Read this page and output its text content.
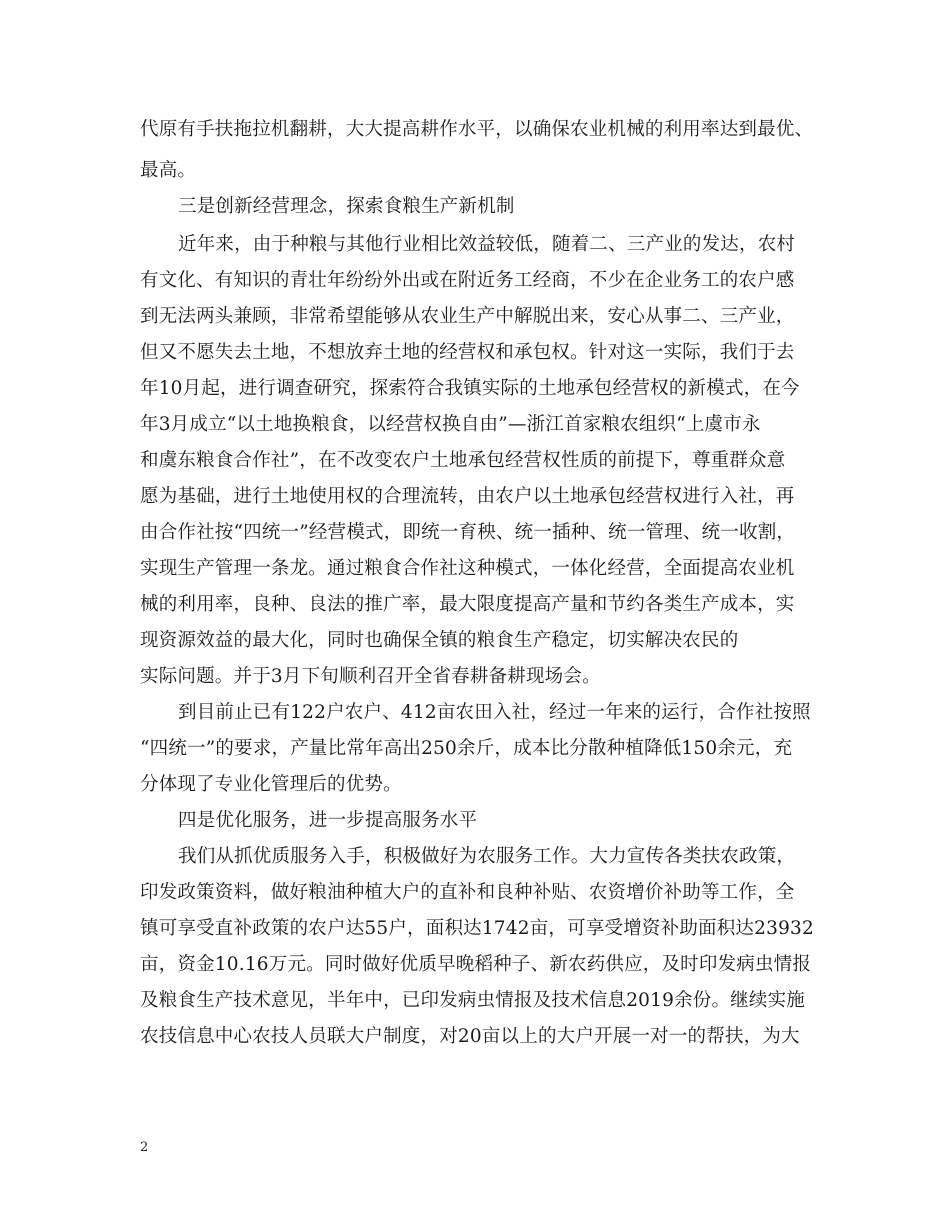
代原有手扶拖拉机翻耕，大大提高耕作水平，以确保农业机械的利用率达到最优、
最高。
三是创新经营理念，探索食粮生产新机制
近年来，由于种粮与其他行业相比效益较低，随着二、三产业的发达，农村
有文化、有知识的青壮年纷纷外出或在附近务工经商，不少在企业务工的农户感
到无法两头兼顾，非常希望能够从农业生产中解脱出来，安心从事二、三产业，
但又不愿失去土地，不想放弃土地的经营权和承包权。针对这一实际，我们于去
年10月起，进行调查研究，探索符合我镇实际的土地承包经营权的新模式，在今
年3月成立“以土地换粮食，以经营权换自由”—浙江首家粮农组织“上虞市永
和虞东粮食合作社”，在不改变农户土地承包经营权性质的前提下，尊重群众意
愿为基础，进行土地使用权的合理流转，由农户以土地承包经营权进行入社，再
由合作社按“四统一”经营模式，即统一育秧、统一插种、统一管理、统一收割，
实现生产管理一条龙。通过粮食合作社这种模式，一体化经营，全面提高农业机
械的利用率，良种、良法的推广率，最大限度提高产量和节约各类生产成本，实
现资源效益的最大化，同时也确保全镇的粮食生产稳定，切实解决农民的
实际问题。并于3月下旬顺利召开全省春耕备耕现场会。
到目前止已有122户农户、412亩农田入社，经过一年来的运行，合作社按照
“四统一”的要求，产量比常年高出250余斤，成本比分散种植降低150余元，充
分体现了专业化管理后的优势。
四是优化服务，进一步提高服务水平
我们从抓优质服务入手，积极做好为农服务工作。大力宣传各类扶农政策，
印发政策资料，做好粮油种植大户的直补和良种补贴、农资增价补助等工作，全
镇可享受直补政策的农户达55户，面积达1742亩，可享受增资补助面积达23932
亩，资金10.16万元。同时做好优质早晚稻种子、新农药供应，及时印发病虫情报
及粮食生产技术意见，半年中，已印发病虫情报及技术信息2019余份。继续实施
农技信息中心农技人员联大户制度，对20亩以上的大户开展一对一的帮扶，为大
2
